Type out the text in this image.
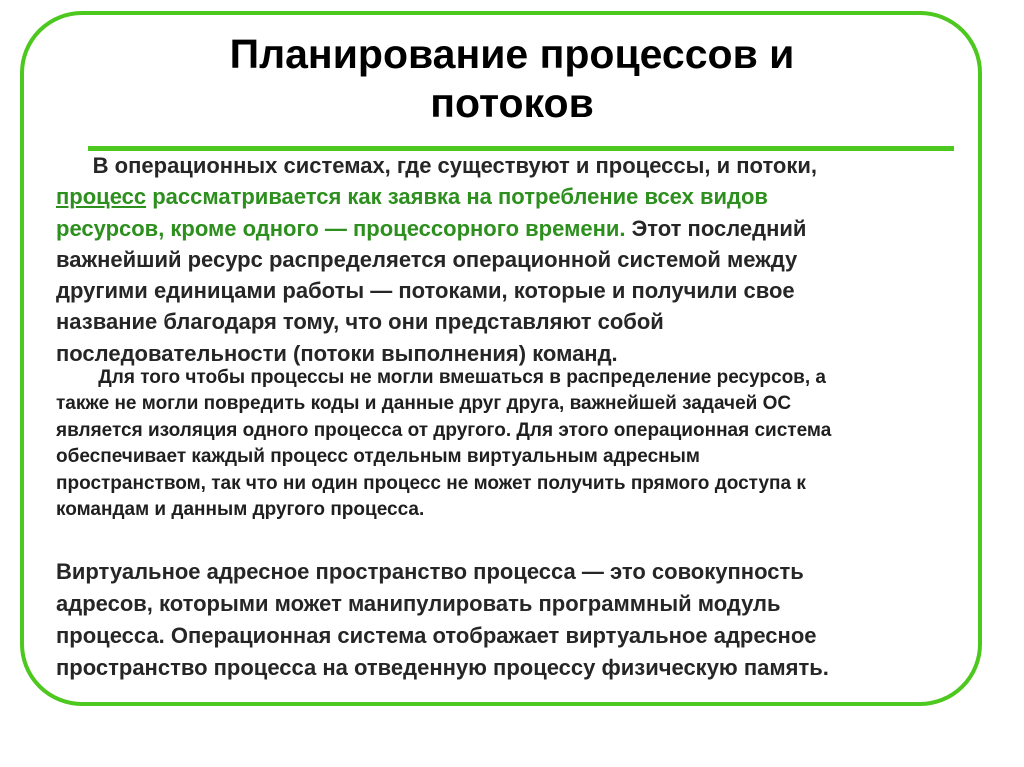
Планирование процессов и
потоков

В операционных системах, где существуют и процессы, и потоки,
процесс рассматривается как заявка на потребление всех видов
ресурсов, кроме одного — процессорного времени. Этот последний
важнейший ресурс распределяется операционной системой между
другими единицами работы — потоками, которые и получили свое
название благодаря тому, что они представляют собой
последовательности (потоки выполнения) команд.

Для того чтобы процессы не могли вмешаться в распределение ресурсов, а
также не могли повредить коды и данные друг друга, важнейшей задачей ОС
является изоляция одного процесса от другого. Для этого операционная система
обеспечивает каждый процесс отдельным виртуальным адресным
пространством, так что ни один процесс не может получить прямого доступа к
командам и данным другого процесса.

Виртуальное адресное пространство процесса — это совокупность
адресов, которыми может манипулировать программный модуль
процесса. Операционная система отображает виртуальное адресное
пространство процесса на отведенную процессу физическую память.
